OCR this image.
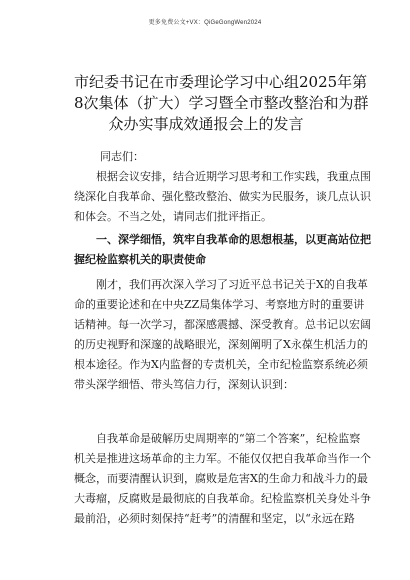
更多免费公文+VX：QiGeGongWen2024
市纪委书记在市委理论学习中心组2025年第
8次集体（扩大）学习暨全市整改整治和为群
众办实事成效通报会上的发言
同志们：
根据会议安排，结合近期学习思考和工作实践，我重点围
绕深化自我革命、强化整改整治、做实为民服务，谈几点认识
和体会。不当之处，请同志们批评指正。
一、深学细悟，筑牢自我革命的思想根基，以更高站位把
握纪检监察机关的职责使命
刚才，我们再次深入学习了习近平总书记关于X的自我革
命的重要论述和在中央ZZ局集体学习、考察地方时的重要讲
话精神。每一次学习，都深感震撼、深受教育。总书记以宏阔
的历史视野和深邃的战略眼光，深刻阐明了X永葆生机活力的
根本途径。作为X内监督的专责机关，全市纪检监察系统必须
带头深学细悟、带头笃信力行，深刻认识到：
自我革命是破解历史周期率的“第二个答案”，纪检监察
机关是推进这场革命的主力军。不能仅仅把自我革命当作一个
概念，而要清醒认识到，腐败是危害X的生命力和战斗力的最
大毒瘤，反腐败是最彻底的自我革命。纪检监察机关身处斗争
最前沿，必须时刻保持“赶考”的清醒和坚定，以“永远在路
